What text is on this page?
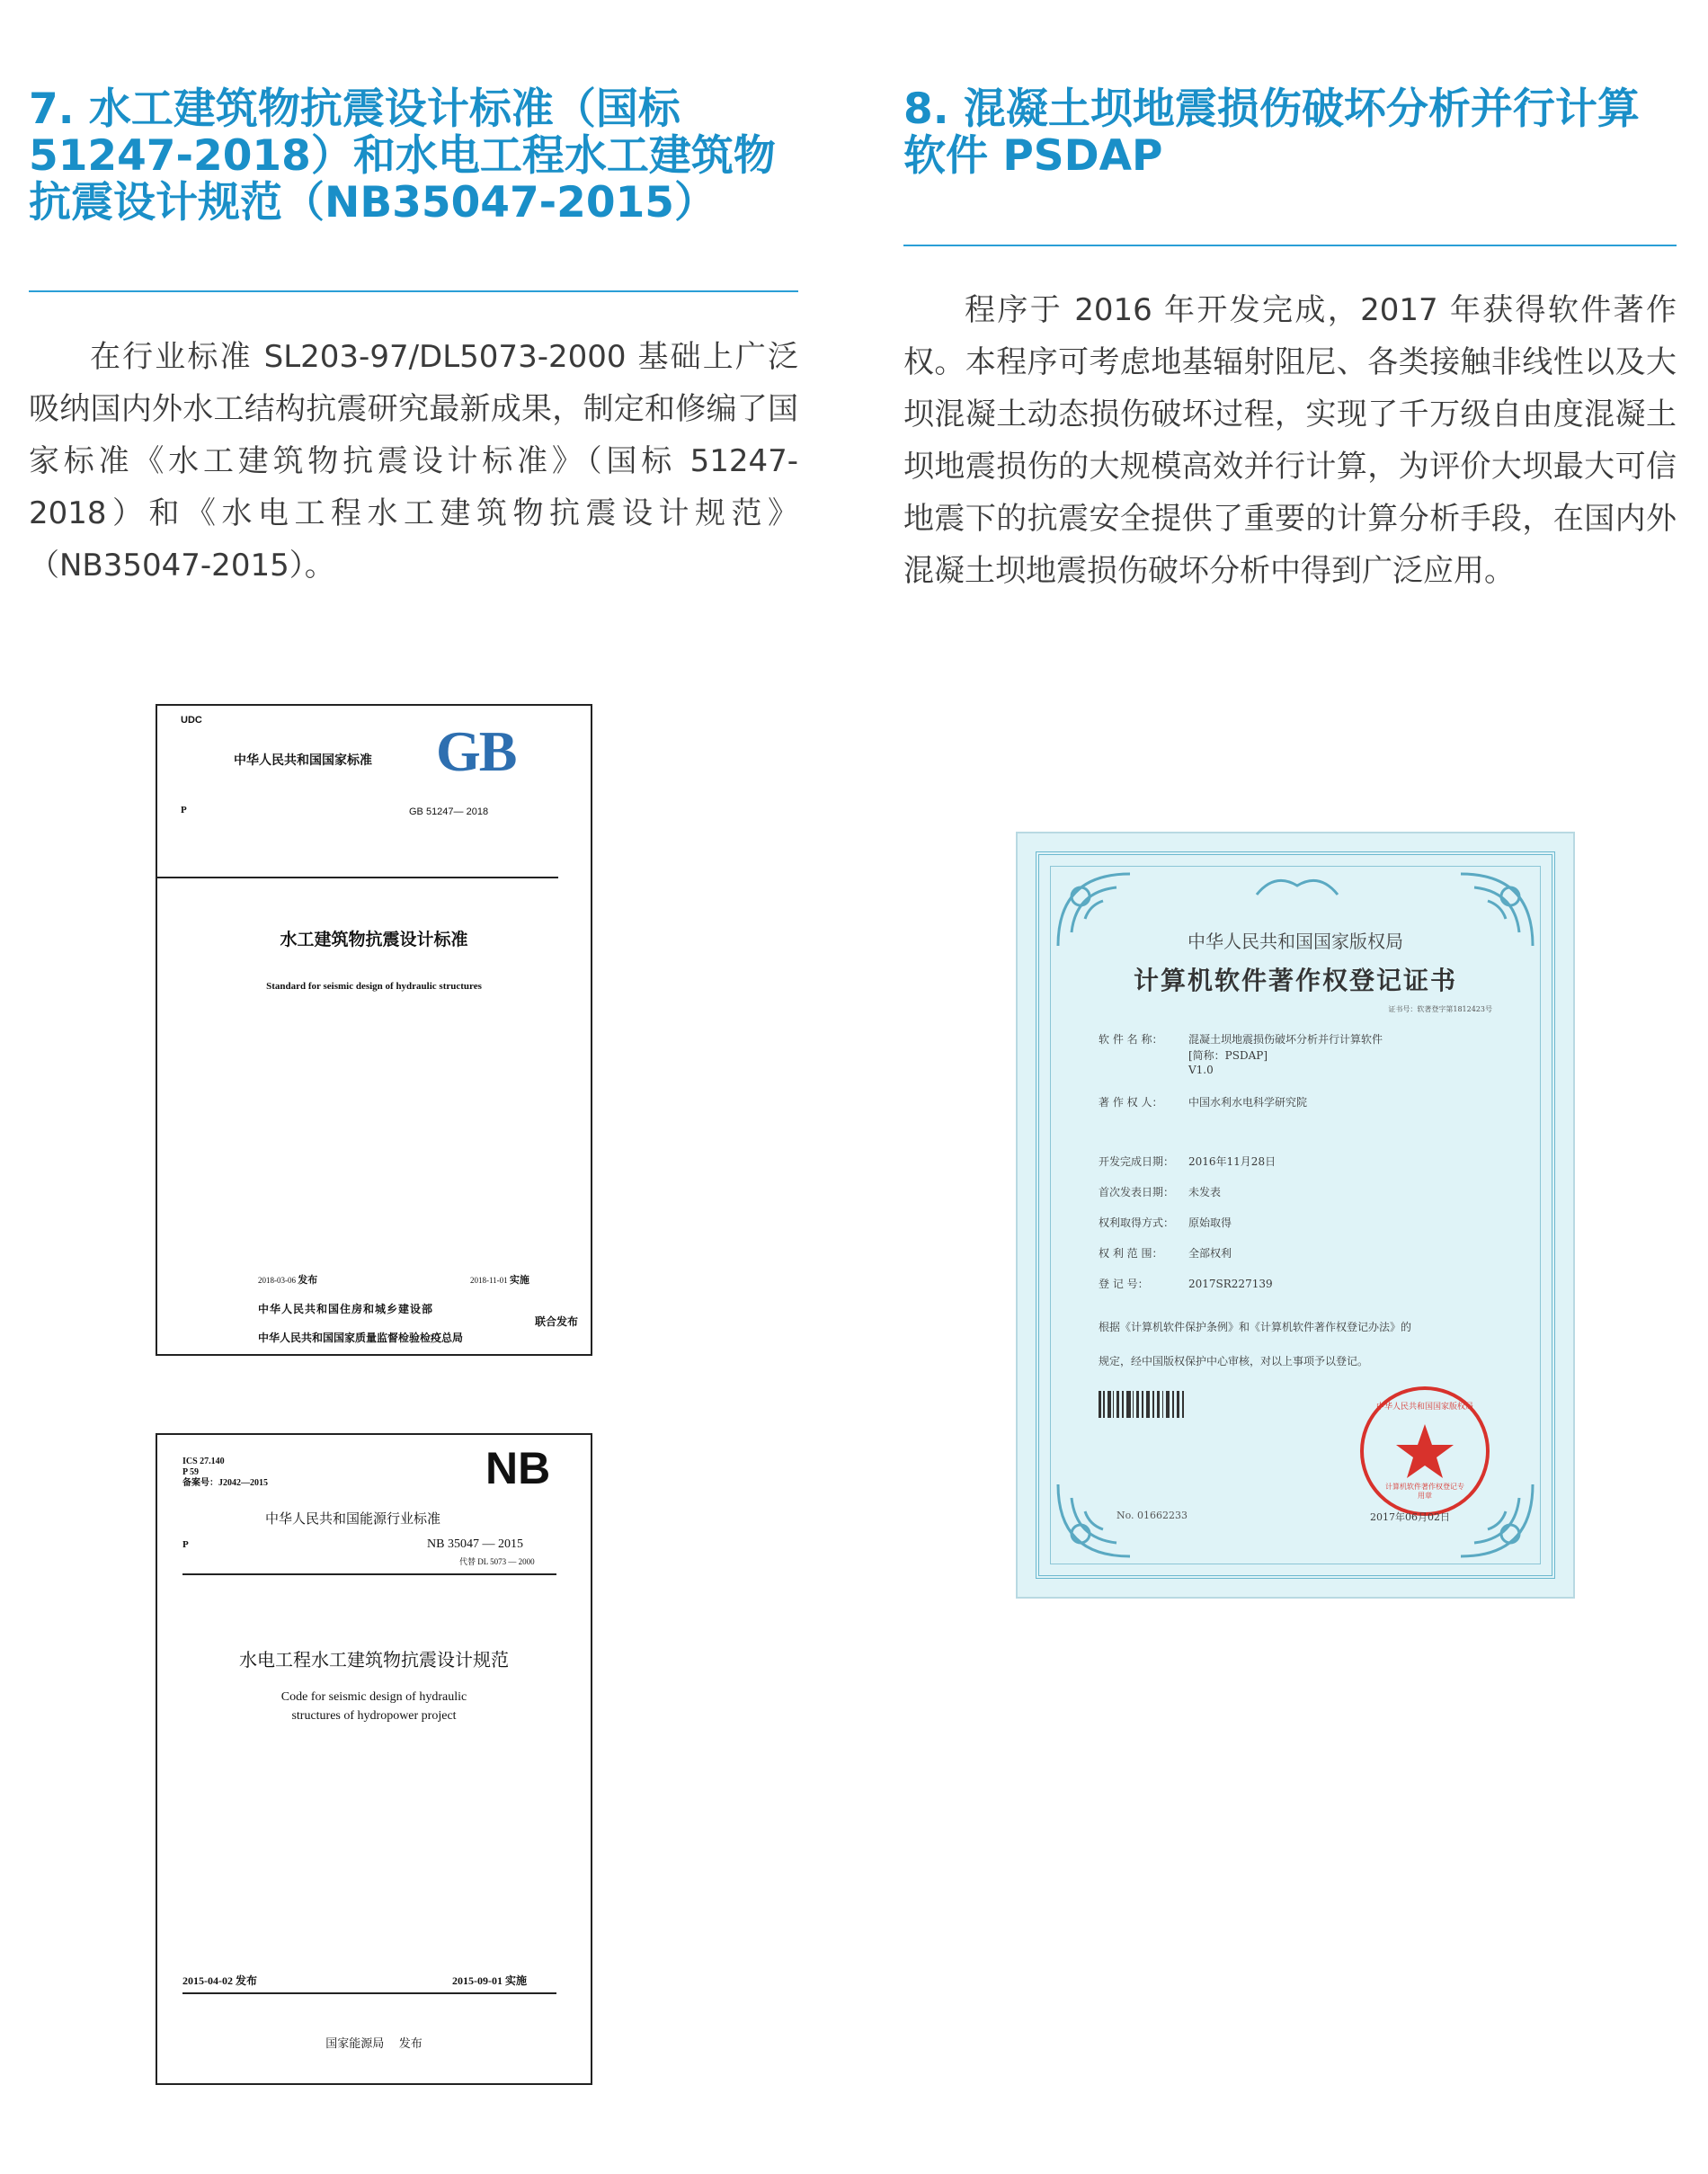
7. 水工建筑物抗震设计标准（国标 51247-2018）和水电工程水工建筑物抗震设计规范（NB35047-2015）

在行业标准 SL203-97/DL5073-2000 基础上广泛吸纳国内外水工结构抗震研究最新成果，制定和修编了国家标准《水工建筑物抗震设计标准》（国标 51247-2018）和《水电工程水工建筑物抗震设计规范》（NB35047-2015）。

8. 混凝土坝地震损伤破坏分析并行计算软件 PSDAP

程序于 2016 年开发完成，2017 年获得软件著作权。本程序可考虑地基辐射阻尼、各类接触非线性以及大坝混凝土动态损伤破坏过程，实现了千万级自由度混凝土坝地震损伤的大规模高效并行计算，为评价大坝最大可信地震下的抗震安全提供了重要的计算分析手段，在国内外混凝土坝地震损伤破坏分析中得到广泛应用。

UDC
中华人民共和国国家标准 GB
P	GB 51247— 2018
水工建筑物抗震设计标准
Standard for seismic design of hydraulic structures
2018-03-06 发布	2018-11-01 实施
中华人民共和国住房和城乡建设部
中华人民共和国国家质量监督检验检疫总局
联合发布
ICS 27.140
P 59
备案号：J2042—2015	NB
中华人民共和国能源行业标准
P	NB 35047 — 2015
代替 DL 5073 — 2000
水电工程水工建筑物抗震设计规范
Code for seismic design of hydraulic
structures of hydropower project
2015-04-02 发布	2015-09-01 实施
国家能源局    发布
中华人民共和国国家版权局
计算机软件著作权登记证书
证书号：软著登字第1812423号
软 件 名 称： 混凝土坝地震损伤破坏分析并行计算软件
[简称：PSDAP]
V1.0
著 作 权 人： 中国水利水电科学研究院
开发完成日期： 2016年11月28日
首次发表日期： 未发表
权利取得方式： 原始取得
权 利 范 围： 全部权利
登 记 号：	2017SR227139
根据《计算机软件保护条例》和《计算机软件著作权登记办法》的
规定，经中国版权保护中心审核，对以上事项予以登记。
中华人民共和国国家版权局
计算机软件著作权登记专用章
No. 01662233	2017年06月02日
